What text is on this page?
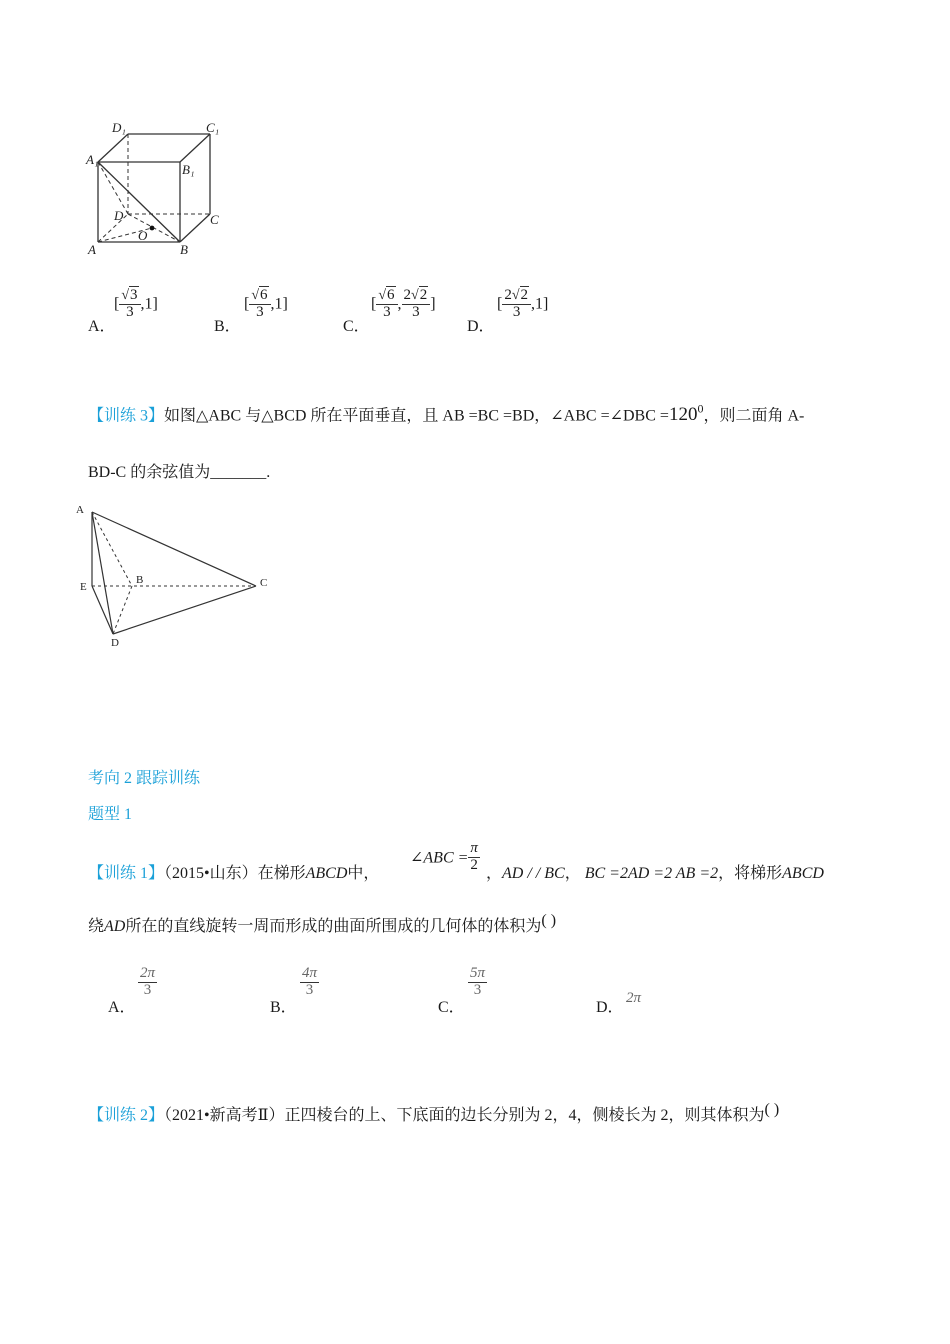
D₁	C₁
A₁
B₁
D	C
O
A	B
A．
[ $\frac{√3}{3} ,1$]
B．
[ $\frac{√6}{3} ,1$]
C．
[ $\frac{√6}{3}$ , $\frac{2√2}{3}$ ]
D．
[ $\frac{2√2}{3} ,1$]
【训练 3】如图△ABC 与△BCD 所在平面垂直，且 AB =BC =BD，∠ABC =∠DBC $=120^0$，则二面角 A-
BD-C 的余弦值为_______.
A
E
B	C
D
考向 2 跟踪训练
题型 1
【训练 1】（2015•山东）在梯形ABCD中，
∠ABC = $\frac{\pi}{2}$ ，AD / / BC， BC =2AD =2 AB =2，将梯形ABCD
绕AD所在的直线旋转一周而形成的曲面所围成的几何体的体积为( )
A．
$\frac{2\pi}{3}$
B．
$\frac{4\pi}{3}$
C．
$\frac{5\pi}{3}$
D．
2π
【训练 2】（2021•新高考Ⅱ）正四棱台的上、下底面的边长分别为 2，4，侧棱长为 2，则其体积为( )
